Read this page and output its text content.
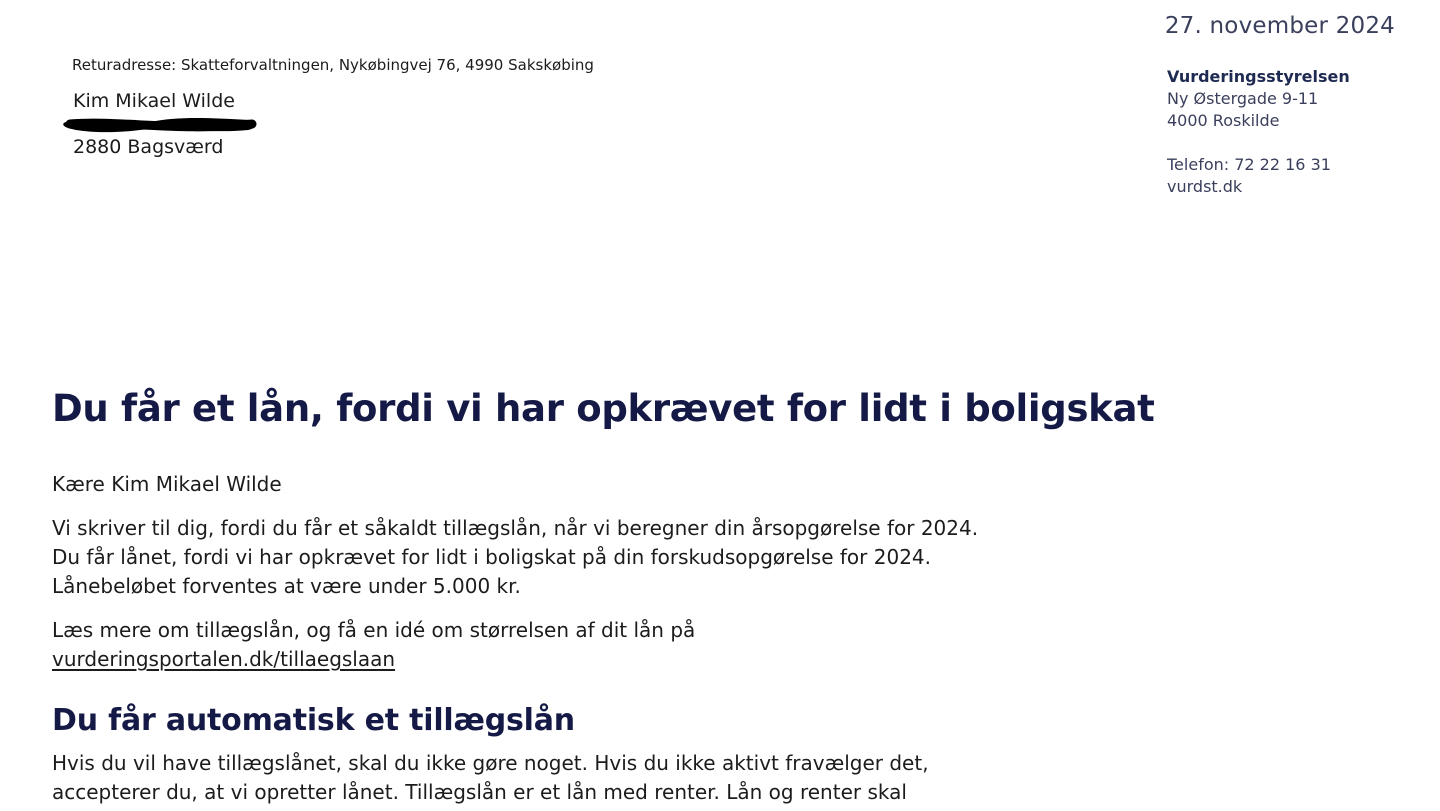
Returadresse: Skatteforvaltningen, Nykøbingvej 76, 4990 Sakskøbing

Kim Mikael Wilde
2880 Bagsværd

27. november 2024

Vurderingsstyrelsen
Ny Østergade 9-11
4000 Roskilde
Telefon: 72 22 16 31
vurdst.dk
Du får et lån, fordi vi har opkrævet for lidt i boligskat

Kære Kim Mikael Wilde

Vi skriver til dig, fordi du får et såkaldt tillægslån, når vi beregner din årsopgørelse for 2024.
Du får lånet, fordi vi har opkrævet for lidt i boligskat på din forskudsopgørelse for 2024.
Lånebeløbet forventes at være under 5.000 kr.
Læs mere om tillægslån, og få en idé om størrelsen af dit lån på
vurderingsportalen.dk/tillaegslaan
Du får automatisk et tillægslån
Hvis du vil have tillægslånet, skal du ikke gøre noget. Hvis du ikke aktivt fravælger det,
accepterer du, at vi opretter lånet. Tillægslån er et lån med renter. Lån og renter skal
